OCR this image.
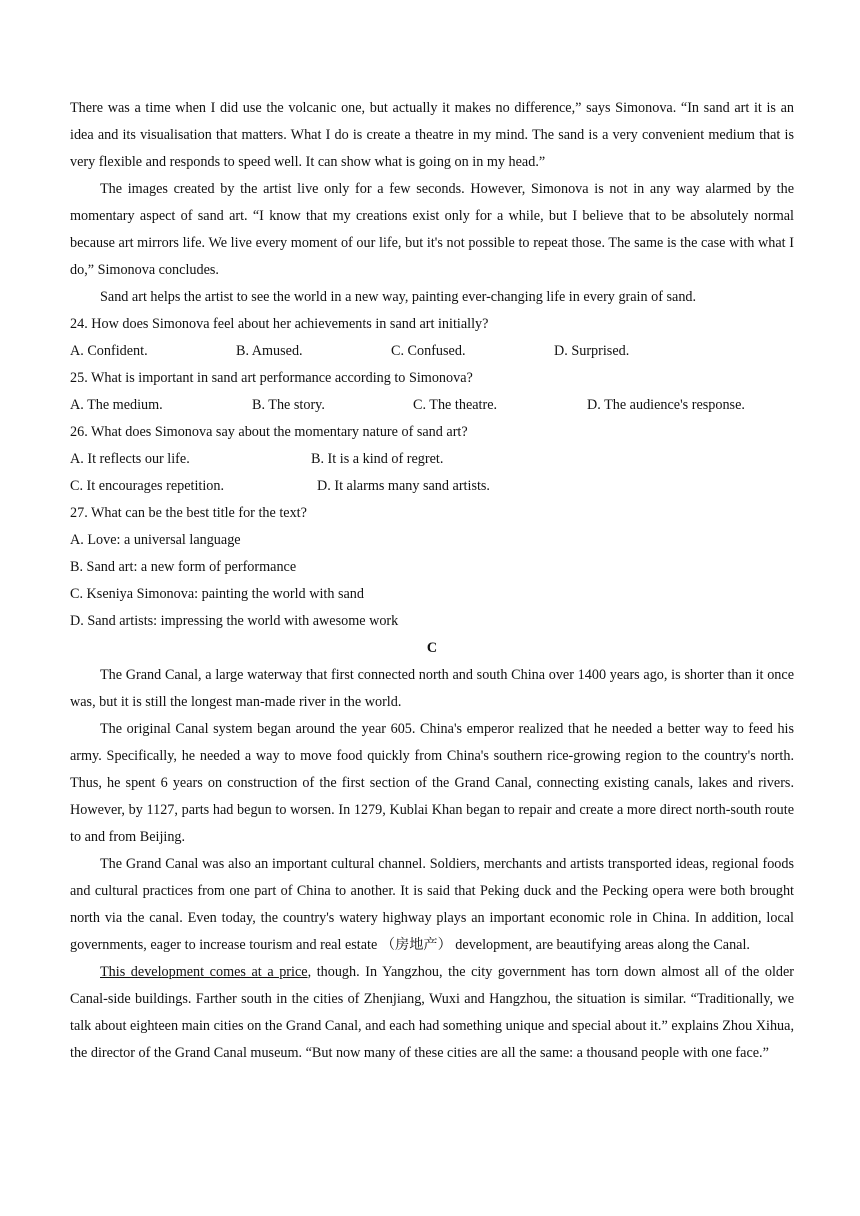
There was a time when I did use the volcanic one, but actually it makes no difference,” says Simonova. “In sand art it is an idea and its visualisation that matters. What I do is create a theatre in my mind. The sand is a very convenient medium that is very flexible and responds to speed well. It can show what is going on in my head.”

The images created by the artist live only for a few seconds. However, Simonova is not in any way alarmed by the momentary aspect of sand art. “I know that my creations exist only for a while, but I believe that to be absolutely normal because art mirrors life. We live every moment of our life, but it's not possible to repeat those. The same is the case with what I do,” Simonova concludes.

Sand art helps the artist to see the world in a new way, painting ever-changing life in every grain of sand.

24. How does Simonova feel about her achievements in sand art initially?

A. Confident.	B. Amused.	C. Confused.	D. Surprised.

25. What is important in sand art performance according to Simonova?

A. The medium.	B. The story.	C. The theatre.	D. The audience's response.

26. What does Simonova say about the momentary nature of sand art?

A. It reflects our life.	B. It is a kind of regret.
C. It encourages repetition.	D. It alarms many sand artists.

27. What can be the best title for the text?

A. Love: a universal language

B. Sand art: a new form of performance

C. Kseniya Simonova: painting the world with sand

D. Sand artists: impressing the world with awesome work

C

The Grand Canal, a large waterway that first connected north and south China over 1400 years ago, is shorter than it once was, but it is still the longest man-made river in the world.

The original Canal system began around the year 605. China's emperor realized that he needed a better way to feed his army. Specifically, he needed a way to move food quickly from China's southern rice-growing region to the country's north. Thus, he spent 6 years on construction of the first section of the Grand Canal, connecting existing canals, lakes and rivers. However, by 1127, parts had begun to worsen. In 1279, Kublai Khan began to repair and create a more direct north-south route to and from Beijing.

The Grand Canal was also an important cultural channel. Soldiers, merchants and artists transported ideas, regional foods and cultural practices from one part of China to another. It is said that Peking duck and the Pecking opera were both brought north via the canal. Even today, the country's watery highway plays an important economic role in China. In addition, local governments, eager to increase tourism and real estate （房地产） development, are beautifying areas along the Canal.

This development comes at a price, though. In Yangzhou, the city government has torn down almost all of the older Canal-side buildings. Farther south in the cities of Zhenjiang, Wuxi and Hangzhou, the situation is similar. “Traditionally, we talk about eighteen main cities on the Grand Canal, and each had something unique and special about it.” explains Zhou Xihua, the director of the Grand Canal museum. “But now many of these cities are all the same: a thousand people with one face.”
